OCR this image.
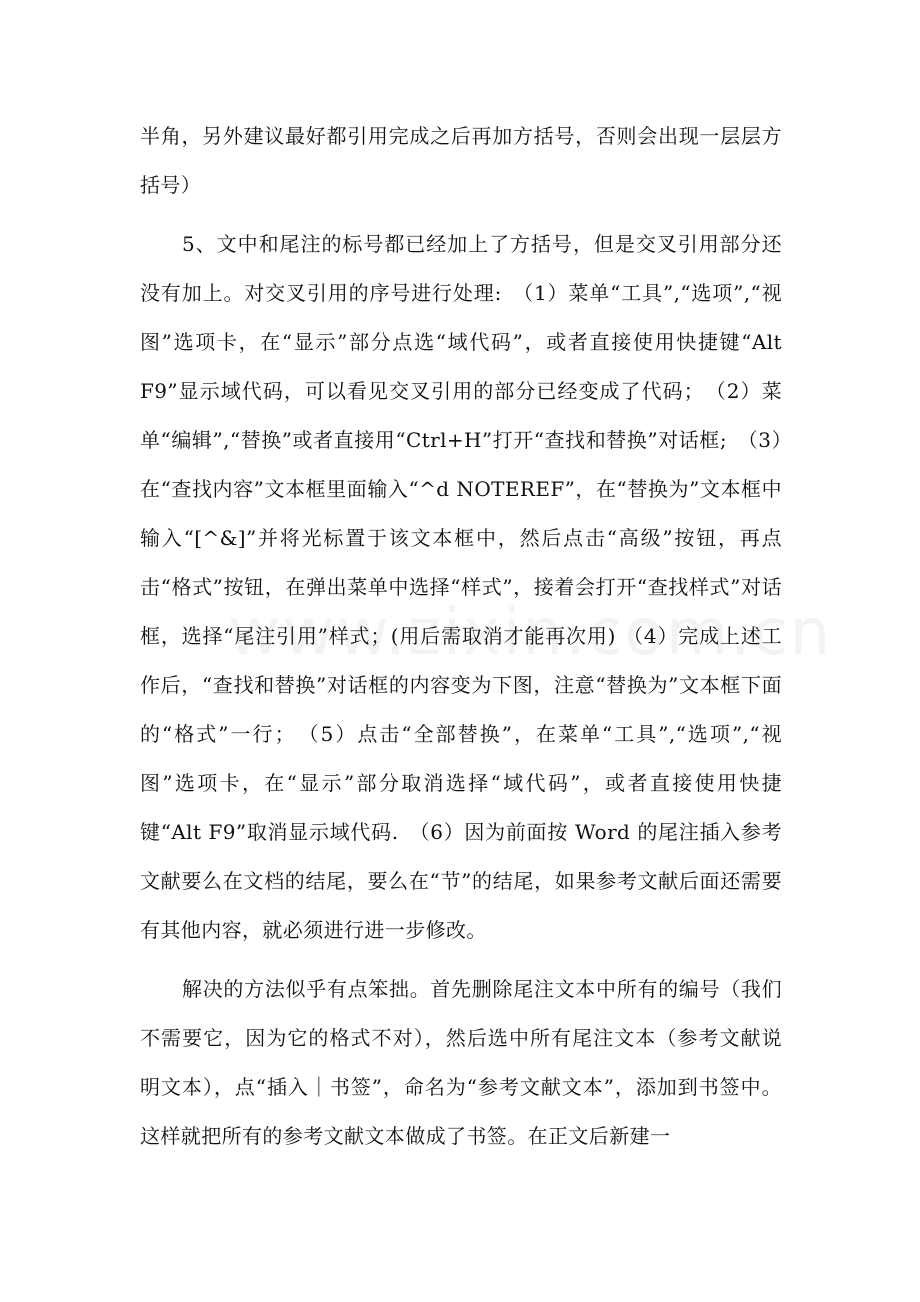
半角，另外建议最好都引用完成之后再加方括号，否则会出现一层层方括号）

5、文中和尾注的标号都已经加上了方括号，但是交叉引用部分还没有加上。对交叉引用的序号进行处理:　（1）菜单“工具”,“选项”,“视图”选项卡，在“显示”部分点选“域代码”，或者直接使用快捷键“Alt F9”显示域代码，可以看见交叉引用的部分已经变成了代码；　（2）菜单“编辑”,“替换”或者直接用“Ctrl+H”打开“查找和替换”对话框;　（3）在“查找内容”文本框里面输入“^d NOTEREF”，在“替换为”文本框中输入“[^&]”并将光标置于该文本框中，然后点击“高级”按钮，再点击“格式”按钮，在弹出菜单中选择“样式”，接着会打开“查找样式”对话框，选择“尾注引用”样式；(用后需取消才能再次用) （4）完成上述工作后，“查找和替换”对话框的内容变为下图，注意“替换为”文本框下面的“格式”一行；　（5）点击“全部替换”，在菜单“工具”,“选项”,“视图”选项卡，在“显示”部分取消选择“域代码”，或者直接使用快捷键“Alt F9”取消显示域代码.　（6）因为前面按 Word 的尾注插入参考文献要么在文档的结尾，要么在“节”的结尾，如果参考文献后面还需要有其他内容，就必须进行进一步修改。

解决的方法似乎有点笨拙。首先删除尾注文本中所有的编号（我们不需要它，因为它的格式不对），然后选中所有尾注文本（参考文献说明文本），点“插入｜书签”，命名为“参考文献文本”，添加到书签中。这样就把所有的参考文献文本做成了书签。在正文后新建一
